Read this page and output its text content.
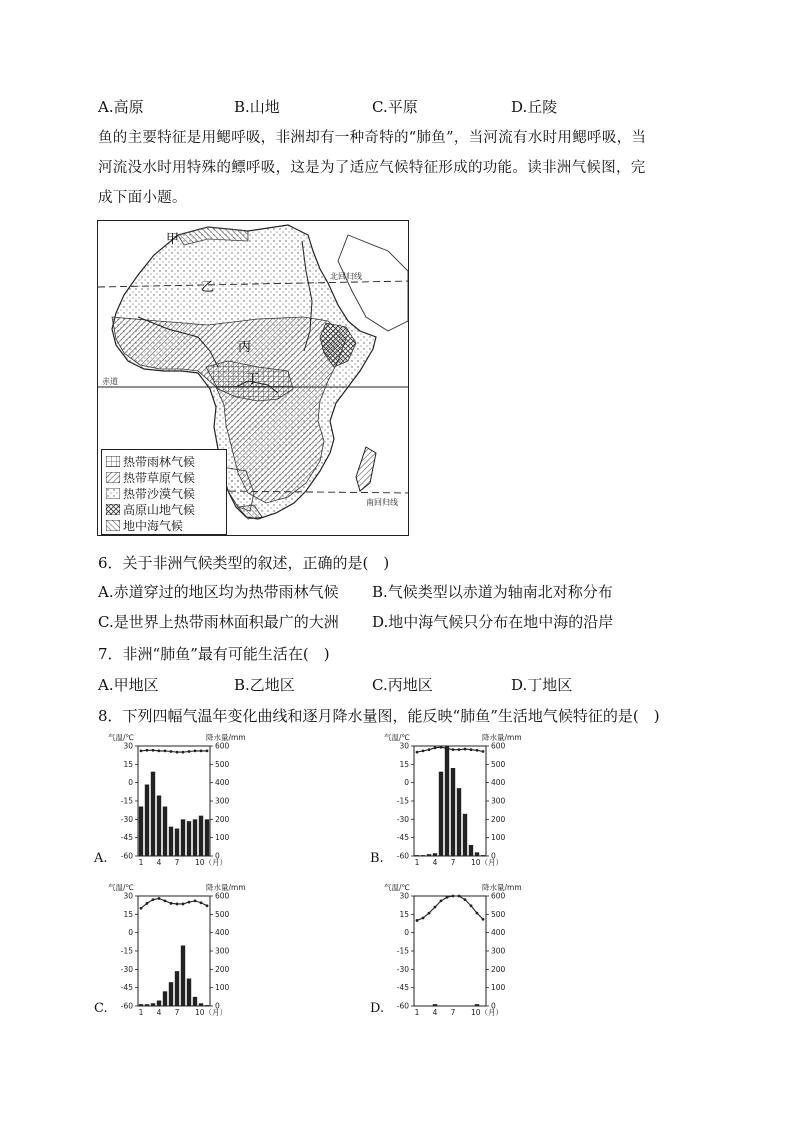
A.高原	B.山地	C.平原	D.丘陵
鱼的主要特征是用鳃呼吸，非洲却有一种奇特的“肺鱼”，当河流有水时用鳃呼吸，当
河流没水时用特殊的鳔呼吸，这是为了适应气候特征形成的功能。读非洲气候图，完
成下面小题。
北回归线
赤道
南回归线
甲
乙
丙
丁
热带雨林气候
热带草原气候
热带沙漠气候
高原山地气候
地中海气候
6．关于非洲气候类型的叙述，正确的是(　)
A.赤道穿过的地区均为热带雨林气候 B.气候类型以赤道为轴南北对称分布
C.是世界上热带雨林面积最广的大洲 D.地中海气候只分布在地中海的沿岸
7．非洲“肺鱼”最有可能生活在(　)
A.甲地区	B.乙地区	C.丙地区	D.丁地区
8．下列四幅气温年变化曲线和逐月降水量图，能反映“肺鱼”生活地气候特征的是(　)
气温/℃	降水量/mm
30
15
0
-15
-30
-45
-60
600
500
400
300
200
100
0
1 4 7 10（月）
A.
气温/℃	降水量/mm
30
15
0
-15
-30
-45
-60
600
500
400
300
200
100
0
1 4 7 10（月）
B.
气温/℃	降水量/mm
30
15
0
-15
-30
-45
-60
600
500
400
300
200
100
0
1 4 7 10（月）
C.
气温/℃	降水量/mm
30
15
0
-15
-30
-45
-60
600
500
400
300
200
100
0
1 4 7 10（月）
D.
